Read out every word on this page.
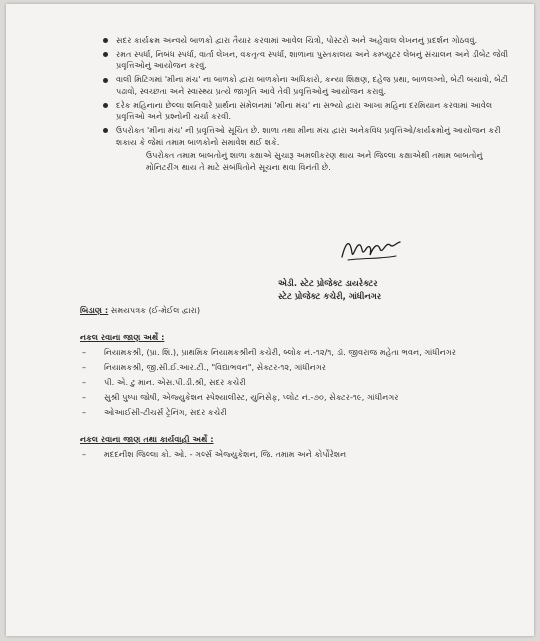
સદર કાર્યક્રમ અન્વયે બાળકો દ્વારા તૈયાર કરવામાં આવેલ ચિત્રો, પોસ્ટરો અને અહેવાલ લેખનનું પ્રદર્શન ગોઠવવું.
રમત સ્પર્ધા, નિબંધ સ્પર્ધા, વાર્તા લેખન, વકતૃત્વ સ્પર્ધા, શાળાના પુસ્તકાલય અને કમ્પ્યુટર લેબનું સંચાલન અને ડીબેટ જેવી પ્રવૃત્તિઓનું આયોજન કરવું.
વાલી મિટિંગમાં 'મીના મંચ' ના બાળકો દ્વારા બાળકોના અધિકારો, કન્યા શિક્ષણ, દહેજ પ્રથા, બાળલગ્નો, બેટી બચાવો, બેટી પઢાવો, સ્વચ્છતા અને સ્વાસ્થ્ય પ્રત્યે જાગૃતિ આવે તેવી પ્રવૃત્તિઓનું આયોજન કરાવું.
દરેક મહિનાના છેલ્લા શનિવારે પ્રાર્થના સંમેલનમાં 'મીના મંચ' ના સભ્યો દ્વારા આખા મહિના દરમિયાન કરવામાં આવેલ પ્રવૃત્તિઓ અને પ્રશ્નોની ચર્ચા કરવી.
ઉપરોક્ત 'મીના મંચ' ની પ્રવૃત્તિઓ સૂચિત છે. શાળા તથા મીના મંચ દ્વારા અનેકવિધ પ્રવૃત્તિઓ/કાર્યક્રમોનું આયોજન કરી શકાય કે જેમાં તમામ બાળકોનો સમાવેશ થઈ શકે.
ઉપરોક્ત તમામ બાબતોનું શાળા કક્ષાએ સુચારૂ અમલીકરણ થાય અને જિલ્લા કક્ષાએથી તમામ બાબતોનું મોનિટરીંગ થાય તે માટે સંબંધિતોને સૂચના થવા વિનંતી છે.
એડી. સ્ટેટ પ્રોજેક્ટ ડાયરેક્ટર
સ્ટેટ પ્રોજેક્ટ કચેરી, ગાંધીનગર
બિડાણ : સમયપત્રક (ઈ-મેઈલ દ્વારા)
નકલ રવાના જાણ અર્થે :
– નિયામકશ્રી, (પ્રા. શિ.), પ્રાથમિક નિયામકશ્રીની કચેરી, બ્લોક નં.-૧૨/૧, ડૉ. જીવરાજ મહેતા ભવન, ગાંધીનગર
– નિયામકશ્રી, જી.સી.ઈ.આર.ટી., "વિદ્યાભવન", સેક્ટર-૧૨, ગાંધીનગર
– પી. એ. ટુ માન. એસ.પી.ડી.શ્રી, સદર કચેરી
– સુશ્રી પુષ્પા જોષી, એજ્યુકેશન સ્પેશ્યાલીસ્ટ, યુનિસેફ, પ્લોટ નં.-૭૦, સેક્ટર-૧૯, ગાંધીનગર
– ઓઆઈસી-ટીચર્સ ટ્રેનિંગ, સદર કચેરી
નકલ રવાના જાણ તથા કાર્યવાહી અર્થે :
– મદદનીશ જિલ્લા કો. ઓ. - ગર્લ્સ એજ્યુકેશન, જિ. તમામ અને કોર્પોરેશન
